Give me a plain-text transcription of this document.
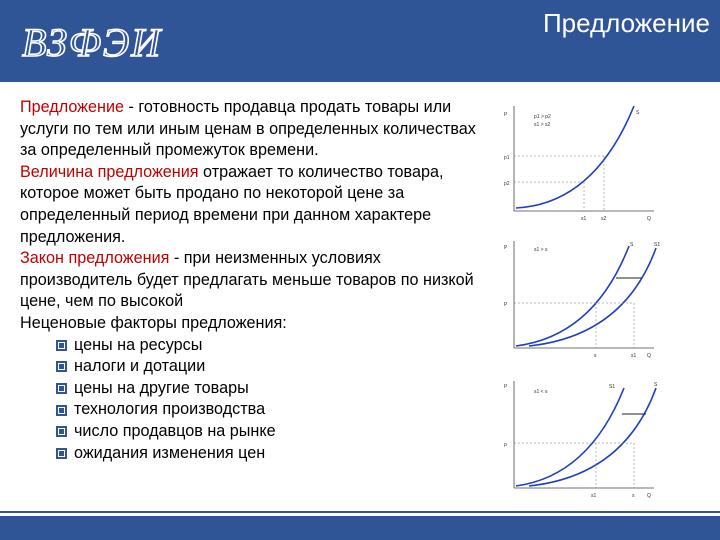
ВЗФЭИ	Предложение

Предложение - готовность продавца продать товары или услуги по тем или иным ценам в определенных количествах за определенный промежуток времени.

Величина предложения отражает то количество товара, которое может быть продано по некоторой цене за определенный период времени при данном характере предложения.

Закон предложения - при неизменных условиях производитель будет предлагать меньше товаров по низкой цене, чем по высокой

Неценовые факторы предложения:

цены на ресурсы
налоги и дотации
цены на другие товары
технология производства
число продавцов на рынке
ожидания изменения цен
P
Q
S
p1 > p2
s1 > s2
p1
p2
s1	s2
P
Q
S	S1
s1 > s
P
s	s1
P
Q
S1	S
s1 < s
p
s1	s
